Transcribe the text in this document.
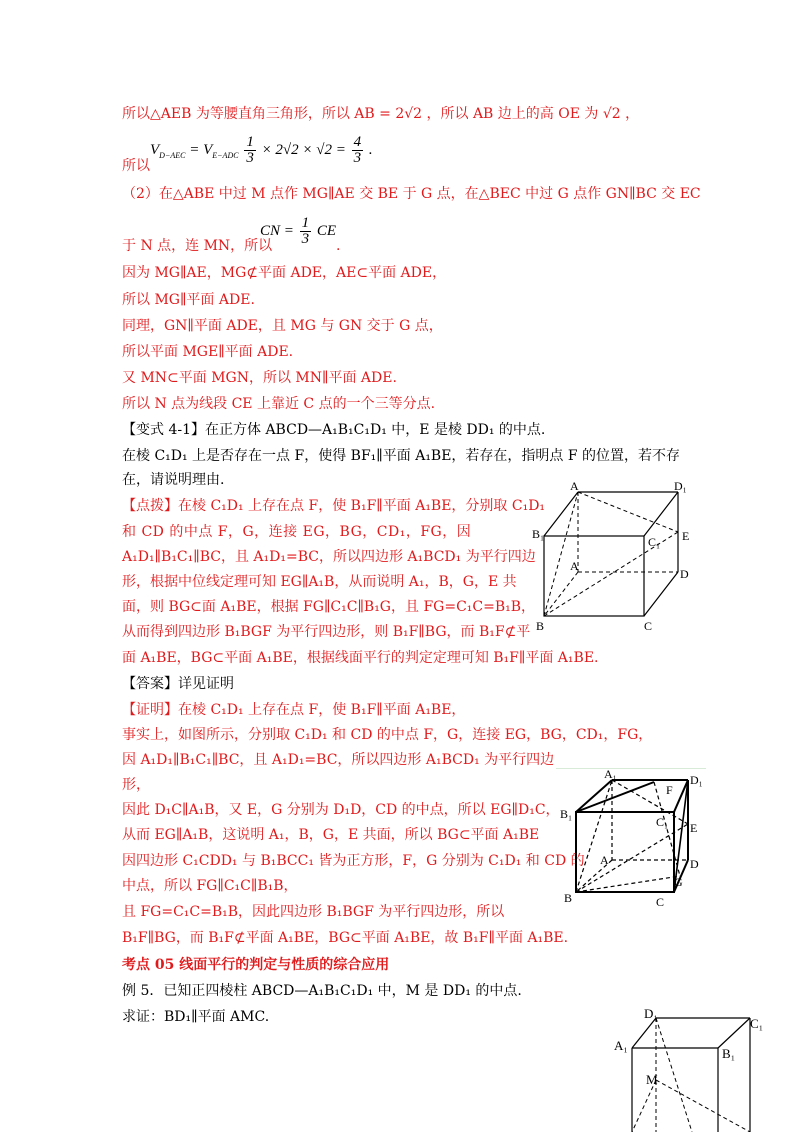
所以△AEB 为等腰直角三角形，所以 AB = 2√2 ，所以 AB 边上的高 OE 为 √2 ，
所以
$V_{D-AEC} = V_{E-ADC} \frac{1}{3} \times 2√2 \times √2 = \frac{4}{3}$ .
（2）在△ABE 中过 M 点作 MG∥AE 交 BE 于 G 点，在△BEC 中过 G 点作 GN∥BC 交 EC
于 N 点，连 MN，所以
CN = $\frac{1}{3}$ CE
.
因为 MG∥AE，MG⊄平面 ADE，AE⊂平面 ADE，
所以 MG∥平面 ADE.
同理，GN∥平面 ADE，且 MG 与 GN 交于 G 点，
所以平面 MGE∥平面 ADE.
又 MN⊂平面 MGN，所以 MN∥平面 ADE.
所以 N 点为线段 CE 上靠近 C 点的一个三等分点.
【变式 4-1】在正方体 ABCD—A₁B₁C₁D₁ 中，E 是棱 DD₁ 的中点.
在棱 C₁D₁ 上是否存在一点 F，使得 BF₁∥平面 A₁BE，若存在，指明点 F 的位置，若不存
在，请说明理由.
【点拨】在棱 C₁D₁ 上存在点 F，使 B₁F∥平面 A₁BE，分别取 C₁D₁
和 CD 的中点 F，G，连接 EG，BG，CD₁，FG，因
A₁D₁∥B₁C₁∥BC，且 A₁D₁=BC，所以四边形 A₁BCD₁ 为平行四边
形，根据中位线定理可知 EG∥A₁B，从而说明 A₁，B，G，E 共
面，则 BG⊂面 A₁BE，根据 FG∥C₁C∥B₁G，且 FG=C₁C=B₁B，
从而得到四边形 B₁BGF 为平行四边形，则 B₁F∥BG，而 B₁F⊄平
面 A₁BE，BG⊂平面 A₁BE，根据线面平行的判定定理可知 B₁F∥平面 A₁BE.
【答案】详见证明
【证明】在棱 C₁D₁ 上存在点 F，使 B₁F∥平面 A₁BE，
事实上，如图所示，分别取 C₁D₁ 和 CD 的中点 F，G，连接 EG，BG，CD₁，FG，
因 A₁D₁∥B₁C₁∥BC，且 A₁D₁=BC，所以四边形 A₁BCD₁ 为平行四边
形，
因此 D₁C∥A₁B，又 E，G 分别为 D₁D，CD 的中点，所以 EG∥D₁C，
从而 EG∥A₁B，这说明 A₁，B，G，E 共面，所以 BG⊂平面 A₁BE
因四边形 C₁CDD₁ 与 B₁BCC₁ 皆为正方形，F，G 分别为 C₁D₁ 和 CD 的
中点，所以 FG∥C₁C∥B₁B，
且 FG=C₁C=B₁B，因此四边形 B₁BGF 为平行四边形，所以
B₁F∥BG，而 B₁F⊄平面 A₁BE，BG⊂平面 A₁BE，故 B₁F∥平面 A₁BE.
考点 05 线面平行的判定与性质的综合应用
例 5．已知正四棱柱 ABCD—A₁B₁C₁D₁ 中，M 是 DD₁ 的中点.
求证：BD₁∥平面 AMC.
A	D₁
B₁
C₁ E
A
D
B	C
A₁	D₁
B₁
C₁
F
E
A	D
G
B	C
D₁
C₁
A₁
B₁
M
